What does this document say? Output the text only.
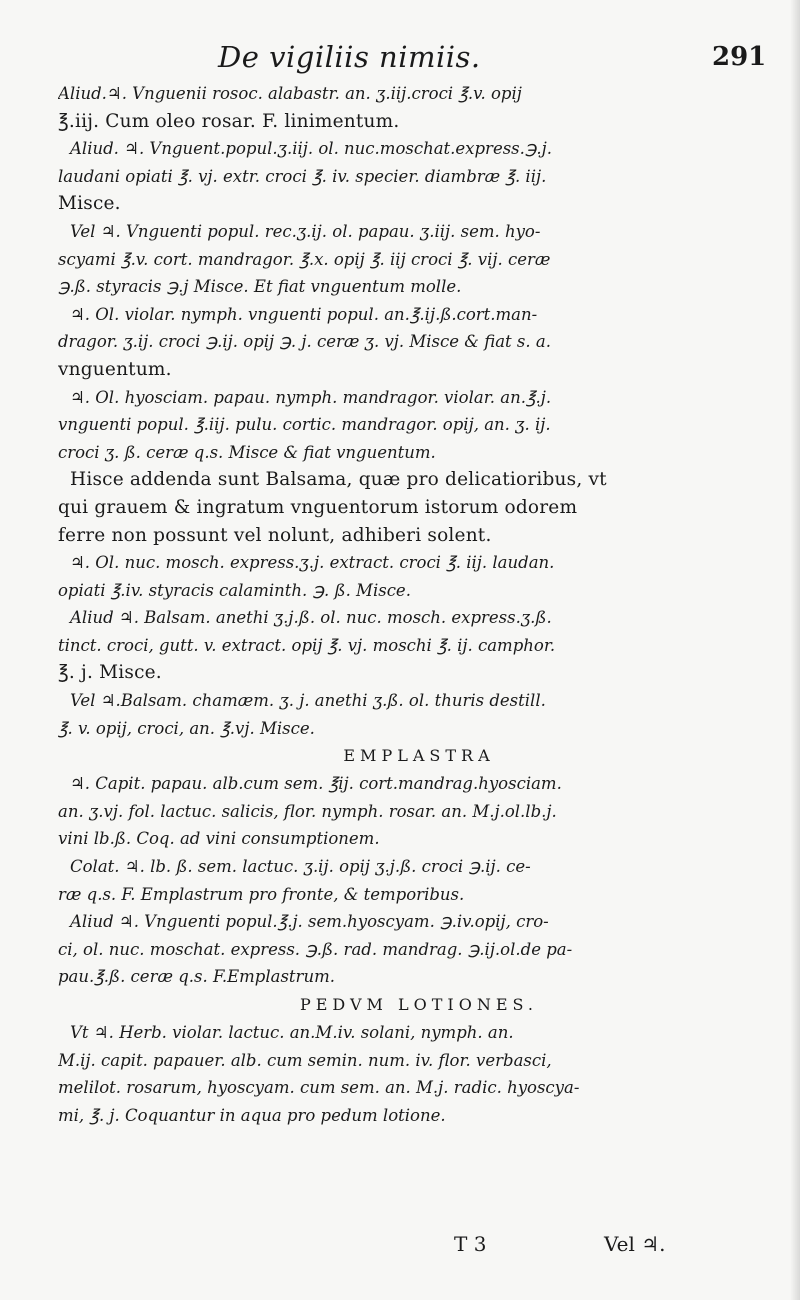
De vigiliis nimiis.	291
Aliud.♃. Vnguenii rosoc. alabastr. an. ʒ.iij.croci ℥.v. opij
℥.iij. Cum oleo rosar. F. linimentum.
Aliud. ♃. Vnguent.popul.ʒ.iij. ol. nuc.moschat.express.℈.j.
laudani opiati ℥. vj. extr. croci ℥. iv. specier. diambræ ℥. iij.
Misce.
Vel ♃. Vnguenti popul. rec.ʒ.ij. ol. papau. ʒ.iij. sem. hyo-
scyami ℥.v. cort. mandragor. ℥.x. opij ℥. iij croci ℥. vij. ceræ
℈.ß. styracis ℈.j Misce. Et fiat vnguentum molle.
♃. Ol. violar. nymph. vnguenti popul. an.℥.ij.ß.cort.man-
dragor. ʒ.ij. croci ℈.ij. opij ℈. j. ceræ ʒ. vj. Misce & fiat s. a.
vnguentum.
♃. Ol. hyosciam. papau. nymph. mandragor. violar. an.℥.j.
vnguenti popul. ℥.iij. pulu. cortic. mandragor. opij, an. ʒ. ij.
croci ʒ. ß. ceræ q.s. Misce & fiat vnguentum.
Hisce addenda sunt Balsama, quæ pro delicatioribus, vt
qui grauem & ingratum vnguentorum istorum odorem
ferre non possunt vel nolunt, adhiberi solent.
♃. Ol. nuc. mosch. express.ʒ.j. extract. croci ℥. iij. laudan.
opiati ℥.iv. styracis calaminth. ℈. ß. Misce.
Aliud ♃. Balsam. anethi ʒ.j.ß. ol. nuc. mosch. express.ʒ.ß.
tinct. croci, gutt. v. extract. opij ℥. vj. moschi ℥. ij. camphor.
℥. j. Misce.
Vel ♃.Balsam. chamæm. ʒ. j. anethi ʒ.ß. ol. thuris destill.
℥. v. opij, croci, an. ℥.vj. Misce.
EMPLASTRA
♃. Capit. papau. alb.cum sem. ℥ij. cort.mandrag.hyosciam.
an. ʒ.vj. fol. lactuc. salicis, flor. nymph. rosar. an. M.j.ol.lb.j.
vini lb.ß. Coq. ad vini consumptionem.
Colat. ♃. lb. ß. sem. lactuc. ʒ.ij. opij ʒ.j.ß. croci ℈.ij. ce-
ræ q.s. F. Emplastrum pro fronte, & temporibus.
Aliud ♃. Vnguenti popul.℥.j. sem.hyoscyam. ℈.iv.opij, cro-
ci, ol. nuc. moschat. express. ℈.ß. rad. mandrag. ℈.ij.ol.de pa-
pau.℥.ß. ceræ q.s. F.Emplastrum.
PEDVM LOTIONES.
Vt ♃. Herb. violar. lactuc. an.M.iv. solani, nymph. an.
M.ij. capit. papauer. alb. cum semin. num. iv. flor. verbasci,
melilot. rosarum, hyoscyam. cum sem. an. M.j. radic. hyoscya-
mi, ℥. j. Coquantur in aqua pro pedum lotione.
T 3	Vel ♃.
